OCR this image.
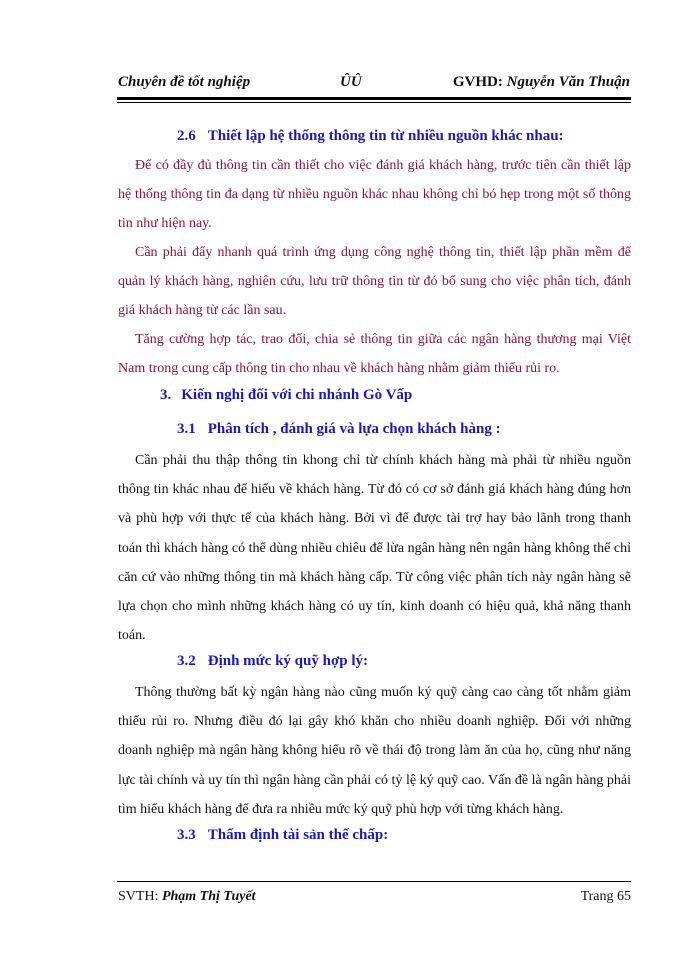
Chuyên đề tốt nghiệp	ÛÛ	GVHD: Nguyễn Văn Thuận
2.6 Thiết lập hệ thống thông tin từ nhiều nguồn khác nhau:

Để có đầy đủ thông tin cần thiết cho việc đánh giá khách hàng, trước tiên cần thiết lập hệ thống thông tin đa dạng từ nhiều nguồn khác nhau không chỉ bó hẹp trong một số thông tin như hiện nay.

Cần phải đẩy nhanh quá trình ứng dụng công nghệ thông tin, thiết lập phần mềm để quản lý khách hàng, nghiên cứu, lưu trữ thông tin từ đó bổ sung cho việc phân tích, đánh giá khách hàng từ các lần sau.

Tăng cường hợp tác, trao đổi, chia sẻ thông tin giữa các ngân hàng thương mại Việt Nam trong cung cấp thông tin cho nhau về khách hàng nhằm giảm thiểu rủi ro.

3. Kiến nghị đối với chi nhánh Gò Vấp
3.1 Phân tích , đánh giá và lựa chọn khách hàng :

Cần phải thu thập thông tin khong chỉ từ chính khách hàng mà phải từ nhiều nguồn thông tin khác nhau để hiểu về khách hàng. Từ đó có cơ sở đánh giá khách hàng đúng hơn và phù hợp với thực tế của khách hàng. Bởi vì để được tài trợ hay bảo lãnh trong thanh toán thì khách hàng có thể dùng nhiều chiêu để lừa ngân hàng nên ngân hàng không thể chỉ căn cứ vào những thông tin mà khách hàng cấp. Từ công việc phân tích này ngân hàng sẽ lựa chọn cho mình những khách hàng có uy tín, kinh doanh có hiệu quả, khả năng thanh toán.

3.2 Định mức ký quỹ hợp lý:

Thông thường bất kỳ ngân hàng nào cũng muốn ký quỹ càng cao càng tốt nhằm giảm thiểu rủi ro. Nhưng điều đó lại gây khó khăn cho nhiều doanh nghiệp. Đối với những doanh nghiệp mà ngân hàng không hiểu rõ về thái độ trong làm ăn của họ, cũng như năng lực tài chính và uy tín thì ngân hàng cần phải có tỷ lệ ký quỹ cao. Vấn đề là ngân hàng phải tìm hiểu khách hàng để đưa ra nhiều mức ký quỹ phù hợp với từng khách hàng.

3.3 Thẩm định tài sản thế chấp:
SVTH: Phạm Thị Tuyết	Trang 65
